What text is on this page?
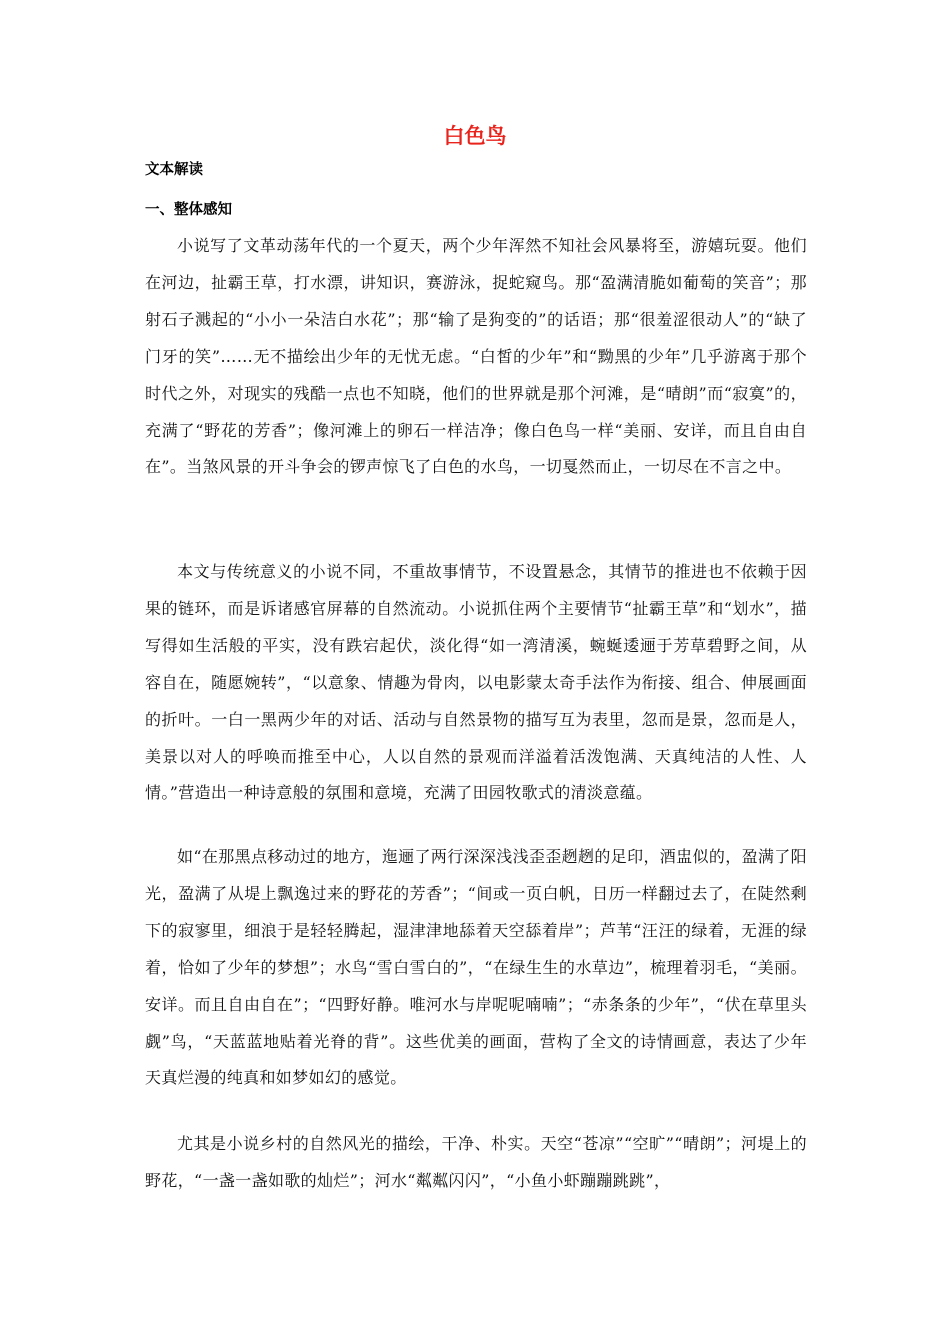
白色鸟
文本解读
一、整体感知

小说写了文革动荡年代的一个夏天，两个少年浑然不知社会风暴将至，游嬉玩耍。他们在河边，扯霸王草，打水漂，讲知识，赛游泳，捉蛇窥鸟。那“盈满清脆如葡萄的笑音”；那射石子溅起的“小小一朵洁白水花”；那“输了是狗变的”的话语；那“很羞涩很动人”的“缺了门牙的笑”……无不描绘出少年的无忧无虑。“白皙的少年”和“黝黑的少年”几乎游离于那个时代之外，对现实的残酷一点也不知晓，他们的世界就是那个河滩，是“晴朗”而“寂寞”的，充满了“野花的芳香”；像河滩上的卵石一样洁净；像白色鸟一样“美丽、安详，而且自由自在”。当煞风景的开斗争会的锣声惊飞了白色的水鸟，一切戛然而止，一切尽在不言之中。

本文与传统意义的小说不同，不重故事情节，不设置悬念，其情节的推进也不依赖于因果的链环，而是诉诸感官屏幕的自然流动。小说抓住两个主要情节“扯霸王草”和“划水”，描写得如生活般的平实，没有跌宕起伏，淡化得“如一湾清溪，蜿蜒逶逦于芳草碧野之间，从容自在，随愿婉转”，“以意象、情趣为骨肉，以电影蒙太奇手法作为衔接、组合、伸展画面的折叶。一白一黑两少年的对话、活动与自然景物的描写互为表里，忽而是景，忽而是人，美景以对人的呼唤而推至中心，人以自然的景观而洋溢着活泼饱满、天真纯洁的人性、人情。”营造出一种诗意般的氛围和意境，充满了田园牧歌式的清淡意蕴。

如“在那黑点移动过的地方，迤逦了两行深深浅浅歪歪趔趔的足印，酒盅似的，盈满了阳光，盈满了从堤上飘逸过来的野花的芳香”；“间或一页白帆，日历一样翻过去了，在陡然剩下的寂寥里，细浪于是轻轻腾起，湿津津地舔着天空舔着岸”；芦苇“汪汪的绿着，无涯的绿着，恰如了少年的梦想”；水鸟“雪白雪白的”，“在绿生生的水草边”，梳理着羽毛，“美丽。安详。而且自由自在”；“四野好静。唯河水与岸呢呢喃喃”；“赤条条的少年”，“伏在草里头觑”鸟，“天蓝蓝地贴着光脊的背”。这些优美的画面，营构了全文的诗情画意，表达了少年天真烂漫的纯真和如梦如幻的感觉。

尤其是小说乡村的自然风光的描绘，干净、朴实。天空“苍凉”“空旷”“晴朗”；河堤上的野花，“一盏一盏如歌的灿烂”；河水“粼粼闪闪”，“小鱼小虾蹦蹦跳跳”，
